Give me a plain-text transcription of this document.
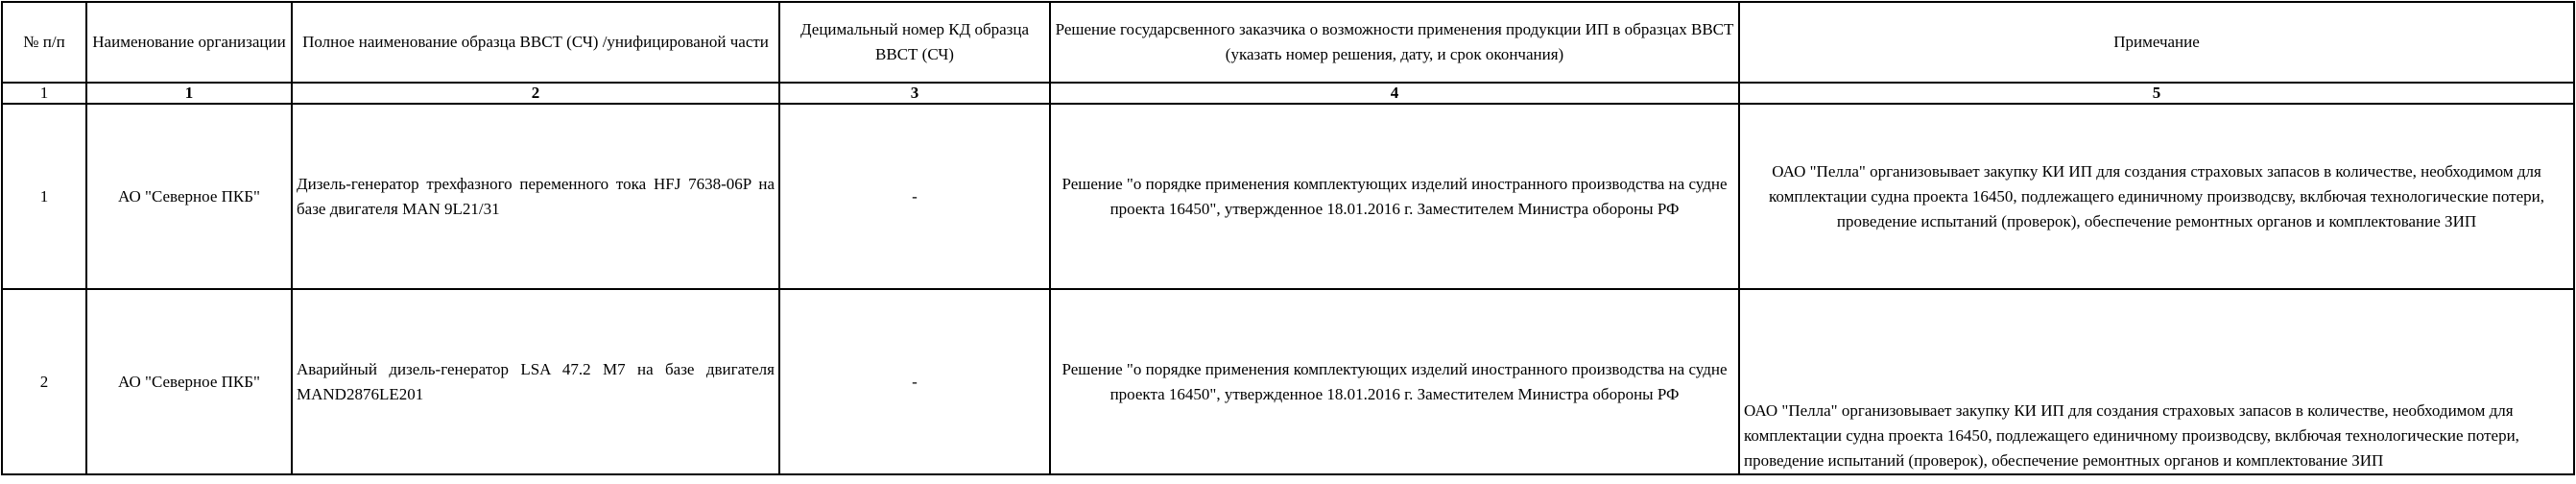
№ п/п	Наименование организации	Полное наименование образца ВВСТ (СЧ) /унифицированой части	Децимальный номер КД образца ВВСТ (СЧ)	Решение госудaрсвенного заказчика о возможности применения продукции ИП в образцах ВВСТ (указать номер решения, дату, и срок окончания)	Примечание
1	1	2	3	4	5
1	АО "Северное ПКБ"	Дизель-генератор трехфазного переменного тока HFJ 7638-06P на базе двигателя MAN 9L21/31	-	Решение "о порядке применения комплектующих изделий иностранного производства на судне проекта 16450", утвержденное 18.01.2016 г. Заместителем Министра обороны РФ	ОАО "Пелла" организовывает закупку КИ ИП для создания страховых запасов в количестве, необходимом для комплектации судна проекта 16450, подлежащего единичному производсву, вклбючая технологические потери, проведение испытаний (проверок), обеспечение ремонтных органов и комплектование ЗИП
2	АО "Северное ПКБ"	Аварийный дизель-генератор LSA 47.2 M7 на базе двигателя MAND2876LE201	-	Решение "о порядке применения комплектующих изделий иностранного производства на судне проекта 16450", утвержденное 18.01.2016 г. Заместителем Министра обороны РФ	ОАО "Пелла" организовывает закупку КИ ИП для создания страховых запасов в количестве, необходимом для комплектации судна проекта 16450, подлежащего единичному производсву, вклбючая технологические потери, проведение испытаний (проверок), обеспечение ремонтных органов и комплектование ЗИП
